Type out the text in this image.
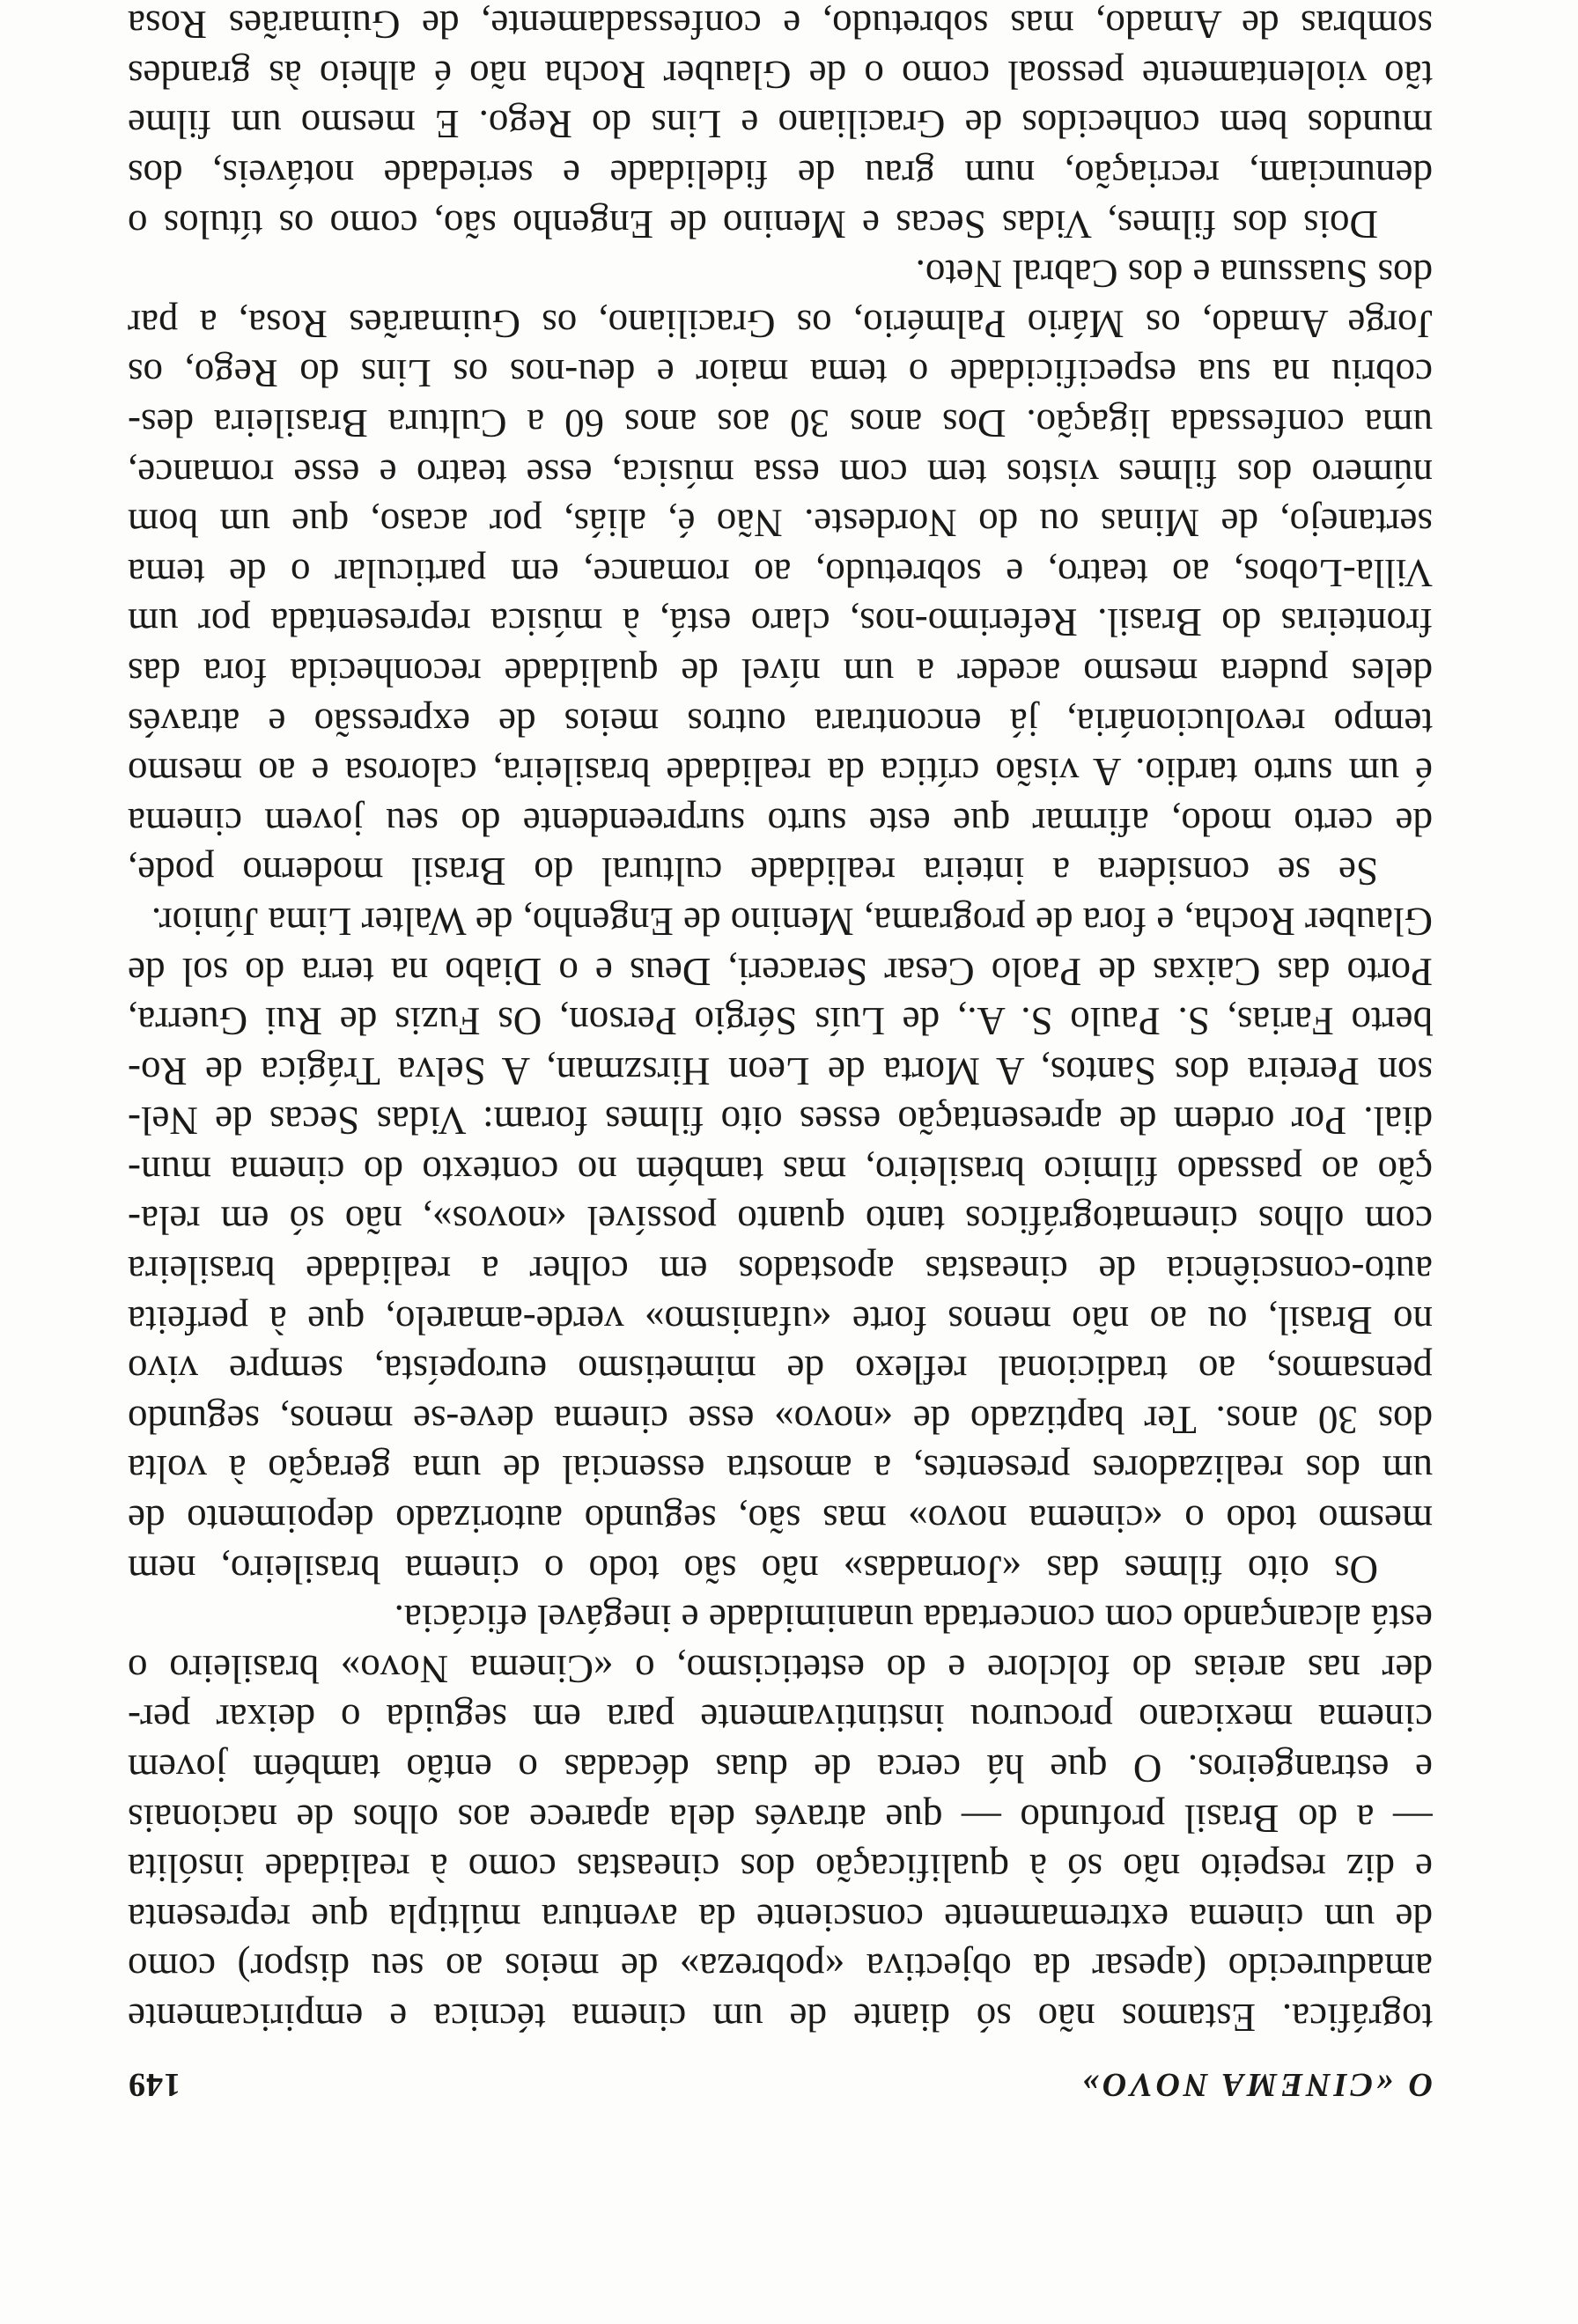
O «CINEMA NOVO»
149
tográfica. Estamos não só diante de um cinema técnica e empiricamente
amadurecido (apesar da objectiva «pobreza» de meios ao seu dispor) como
de um cinema extremamente consciente da aventura múltipla que representa
e diz respeito não só à qualificação dos cineastas como à realidade insólita
— a do Brasil profundo — que através dela aparece aos olhos de nacionais
e estrangeiros. O que há cerca de duas décadas o então também jovem
cinema mexicano procurou instintivamente para em seguida o deixar per-
der nas areias do folclore e do esteticismo, o «Cinema Novo» brasileiro o
está alcançando com concertada unanimidade e inegável eficácia.
Os oito filmes das «Jornadas» não são todo o cinema brasileiro, nem
mesmo todo o «cinema novo» mas são, segundo autorizado depoimento de
um dos realizadores presentes, a amostra essencial de uma geração à volta
dos 30 anos. Ter baptizado de «novo» esse cinema deve-se menos, segundo
pensamos, ao tradicional reflexo de mimetismo europeísta, sempre vivo
no Brasil, ou ao não menos forte «ufanismo» verde-amarelo, que à perfeita
auto-consciência de cineastas apostados em colher a realidade brasileira
com olhos cinematográficos tanto quanto possível «novos», não só em rela-
ção ao passado fílmico brasileiro, mas também no contexto do cinema mun-
dial. Por ordem de apresentação esses oito filmes foram: Vidas Secas de Nel-
son Pereira dos Santos, A Morta de Leon Hirszman, A Selva Trágica de Ro-
berto Farias, S. Paulo S. A., de Luís Sérgio Person, Os Fuzis de Rui Guerra,
Porto das Caixas de Paolo Cesar Seraceri, Deus e o Diabo na terra do sol de
Glauber Rocha, e fora de programa, Menino de Engenho, de Walter Lima Júnior.
Se se considera a inteira realidade cultural do Brasil moderno pode,
de certo modo, afirmar que este surto surpreendente do seu jovem cinema
é um surto tardio. A visão crítica da realidade brasileira, calorosa e ao mesmo
tempo revolucionária, já encontrara outros meios de expressão e através
deles pudera mesmo aceder a um nível de qualidade reconhecida fora das
fronteiras do Brasil. Referimo-nos, claro está, à música representada por um
Villa-Lobos, ao teatro, e sobretudo, ao romance, em particular o de tema
sertanejo, de Minas ou do Nordeste. Não é, aliás, por acaso, que um bom
número dos filmes vistos tem com essa música, esse teatro e esse romance,
uma confessada ligação. Dos anos 30 aos anos 60 a Cultura Brasileira des-
cobriu na sua especificidade o tema maior e deu-nos os Lins do Rego, os
Jorge Amado, os Mário Palmério, os Graciliano, os Guimarães Rosa, a par
dos Suassuna e dos Cabral Neto.
Dois dos filmes, Vidas Secas e Menino de Engenho são, como os títulos o
denunciam, recriação, num grau de fidelidade e seriedade notáveis, dos
mundos bem conhecidos de Graciliano e Lins do Rego. E mesmo um filme
tão violentamente pessoal como o de Glauber Rocha não é alheio às grandes
sombras de Amado, mas sobretudo, e confessadamente, de Guimarães Rosa
